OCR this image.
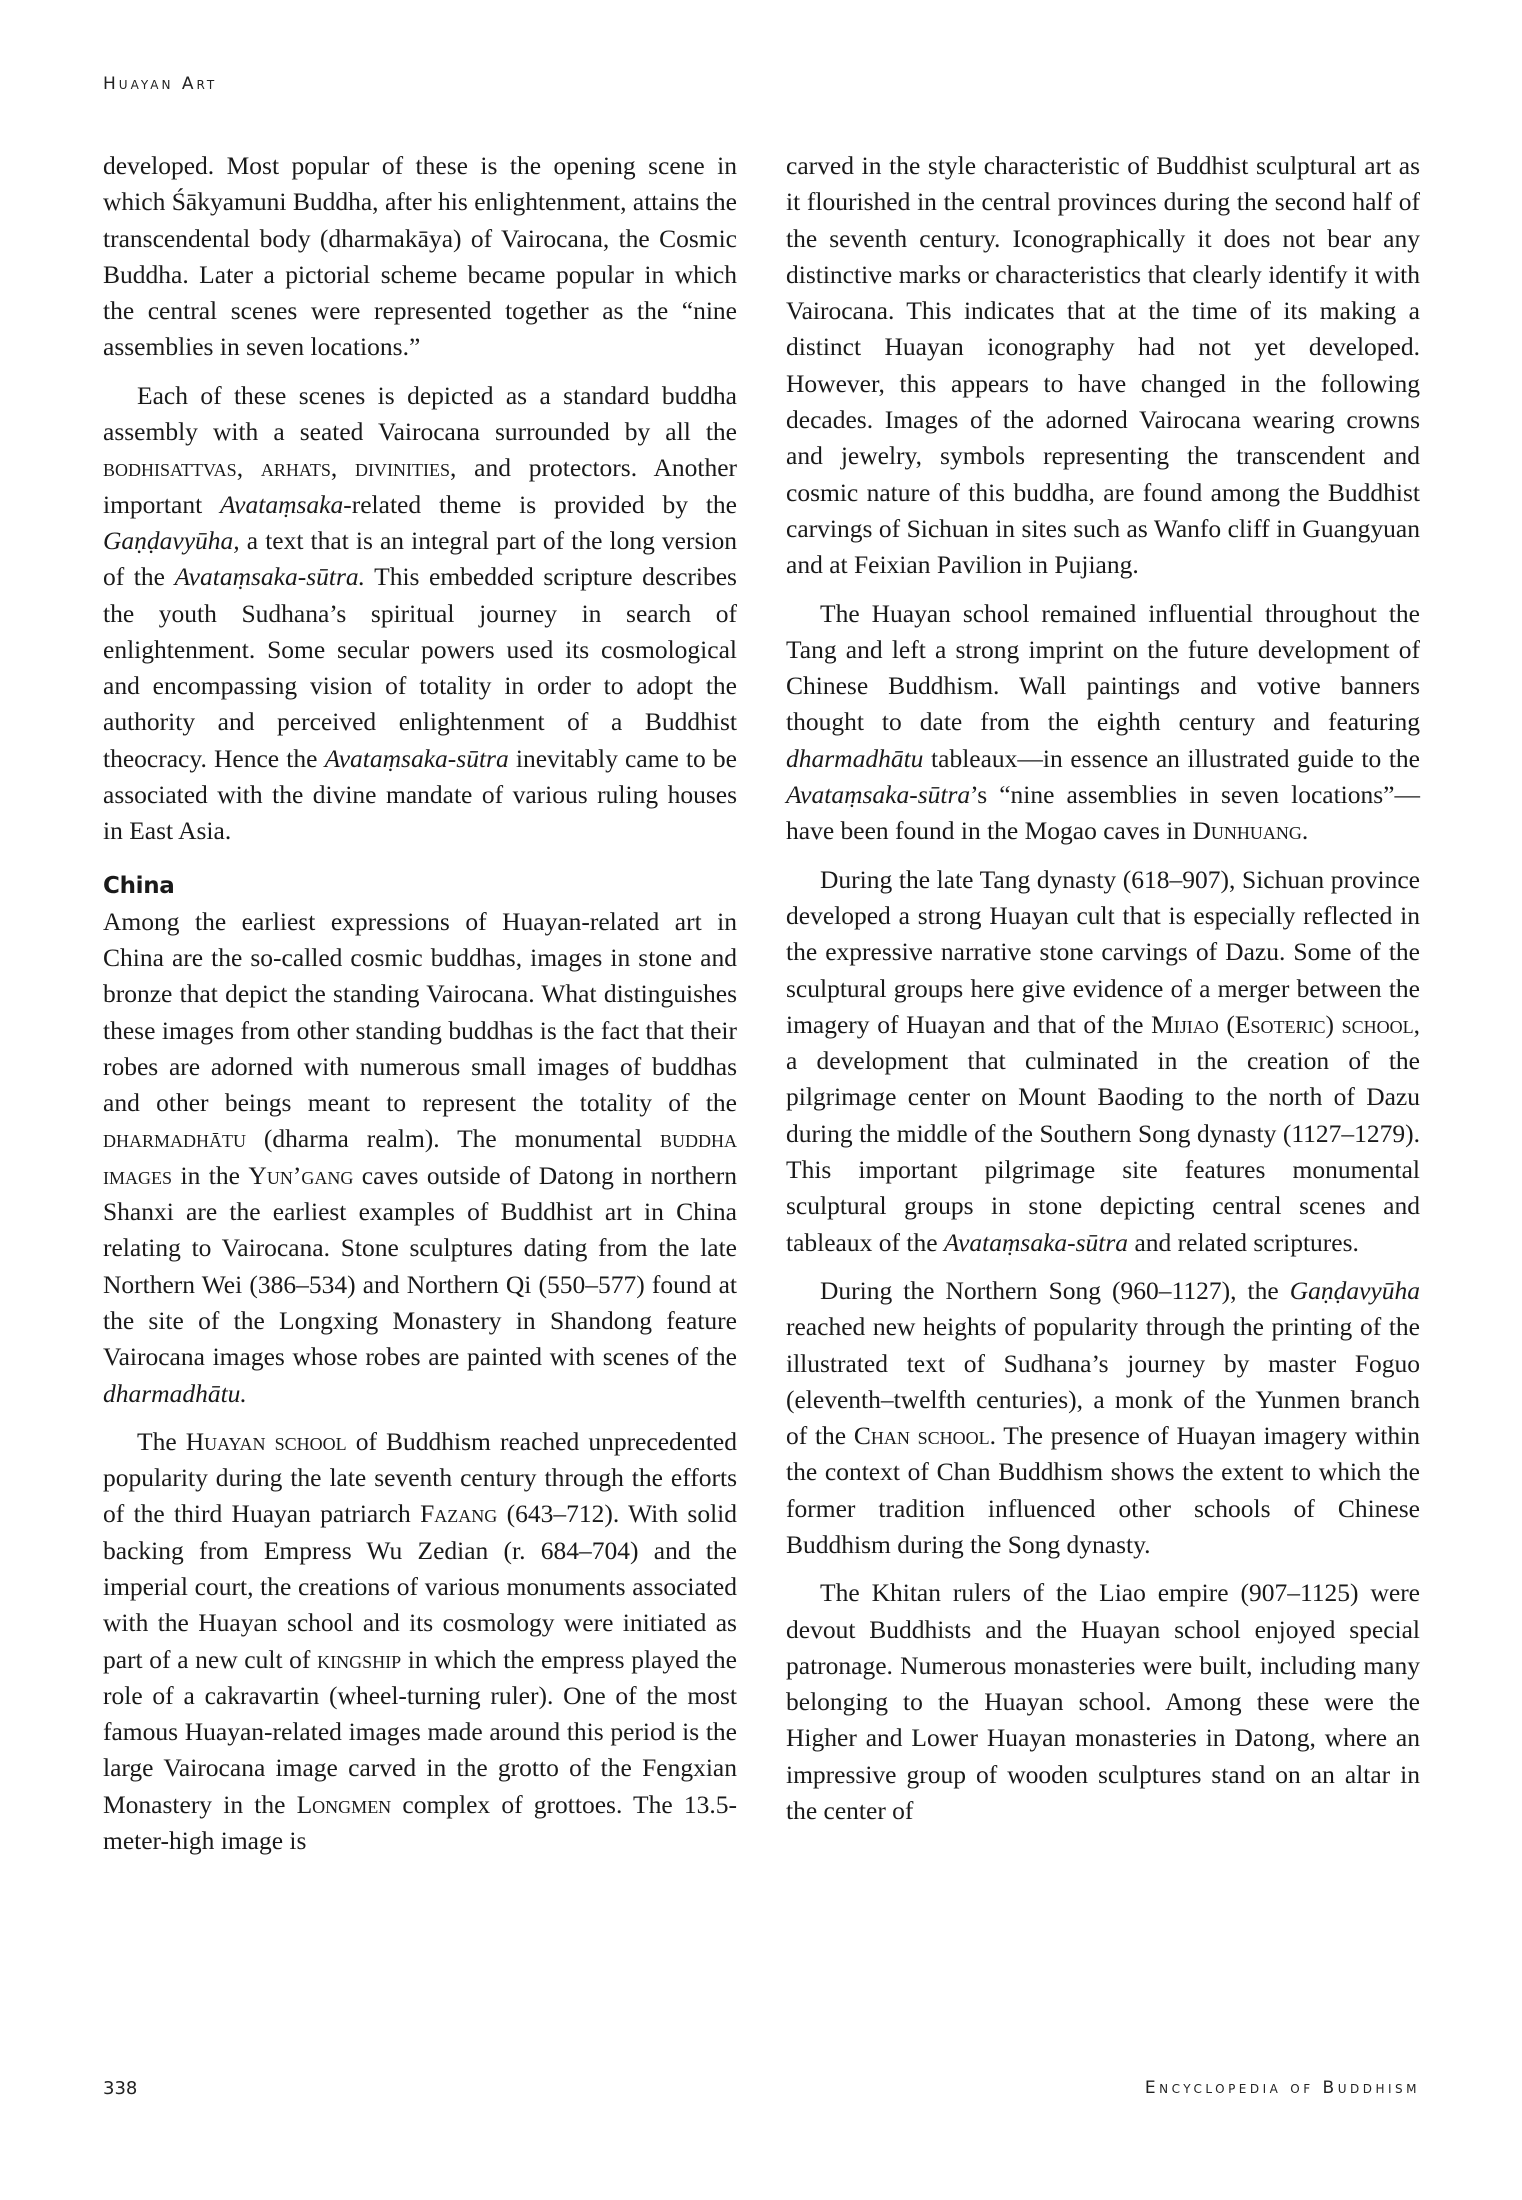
Huayan Art

developed. Most popular of these is the opening scene in which Śākyamuni Buddha, after his enlightenment, attains the transcendental body (dharmakāya) of Vairocana, the Cosmic Buddha. Later a pictorial scheme became popular in which the central scenes were represented together as the “nine assemblies in seven locations.”

Each of these scenes is depicted as a standard buddha assembly with a seated Vairocana surrounded by all the bodhisattvas, arhats, divinities, and protectors. Another important Avataṃsaka-related theme is provided by the Gaṇḍavyūha, a text that is an integral part of the long version of the Avataṃsaka-sūtra. This embedded scripture describes the youth Sudhana’s spiritual journey in search of enlightenment. Some secular powers used its cosmological and encompassing vision of totality in order to adopt the authority and perceived enlightenment of a Buddhist theocracy. Hence the Avataṃsaka-sūtra inevitably came to be associated with the divine mandate of various ruling houses in East Asia.

China

Among the earliest expressions of Huayan-related art in China are the so-called cosmic buddhas, images in stone and bronze that depict the standing Vairocana. What distinguishes these images from other standing buddhas is the fact that their robes are adorned with numerous small images of buddhas and other beings meant to represent the totality of the dharmadhātu (dharma realm). The monumental buddha images in the Yun’gang caves outside of Datong in northern Shanxi are the earliest examples of Buddhist art in China relating to Vairocana. Stone sculptures dating from the late Northern Wei (386–534) and Northern Qi (550–577) found at the site of the Longxing Monastery in Shandong feature Vairocana images whose robes are painted with scenes of the dharmadhātu.

The Huayan school of Buddhism reached unprecedented popularity during the late seventh century through the efforts of the third Huayan patriarch Fazang (643–712). With solid backing from Empress Wu Zedian (r. 684–704) and the imperial court, the creations of various monuments associated with the Huayan school and its cosmology were initiated as part of a new cult of kingship in which the empress played the role of a cakravartin (wheel-turning ruler). One of the most famous Huayan-related images made around this period is the large Vairocana image carved in the grotto of the Fengxian Monastery in the Longmen complex of grottoes. The 13.5-meter-high image is

carved in the style characteristic of Buddhist sculptural art as it flourished in the central provinces during the second half of the seventh century. Iconographically it does not bear any distinctive marks or characteristics that clearly identify it with Vairocana. This indicates that at the time of its making a distinct Huayan iconography had not yet developed. However, this appears to have changed in the following decades. Images of the adorned Vairocana wearing crowns and jewelry, symbols representing the transcendent and cosmic nature of this buddha, are found among the Buddhist carvings of Sichuan in sites such as Wanfo cliff in Guangyuan and at Feixian Pavilion in Pujiang.

The Huayan school remained influential throughout the Tang and left a strong imprint on the future development of Chinese Buddhism. Wall paintings and votive banners thought to date from the eighth century and featuring dharmadhātu tableaux—in essence an illustrated guide to the Avataṃsaka-sūtra’s “nine assemblies in seven locations”—have been found in the Mogao caves in Dunhuang.

During the late Tang dynasty (618–907), Sichuan province developed a strong Huayan cult that is especially reflected in the expressive narrative stone carvings of Dazu. Some of the sculptural groups here give evidence of a merger between the imagery of Huayan and that of the Mijiao (Esoteric) school, a development that culminated in the creation of the pilgrimage center on Mount Baoding to the north of Dazu during the middle of the Southern Song dynasty (1127–1279). This important pilgrimage site features monumental sculptural groups in stone depicting central scenes and tableaux of the Avataṃsaka-sūtra and related scriptures.

During the Northern Song (960–1127), the Gaṇḍavyūha reached new heights of popularity through the printing of the illustrated text of Sudhana’s journey by master Foguo (eleventh–twelfth centuries), a monk of the Yunmen branch of the Chan school. The presence of Huayan imagery within the context of Chan Buddhism shows the extent to which the former tradition influenced other schools of Chinese Buddhism during the Song dynasty.

The Khitan rulers of the Liao empire (907–1125) were devout Buddhists and the Huayan school enjoyed special patronage. Numerous monasteries were built, including many belonging to the Huayan school. Among these were the Higher and Lower Huayan monasteries in Datong, where an impressive group of wooden sculptures stand on an altar in the center of

338	Encyclopedia of Buddhism
